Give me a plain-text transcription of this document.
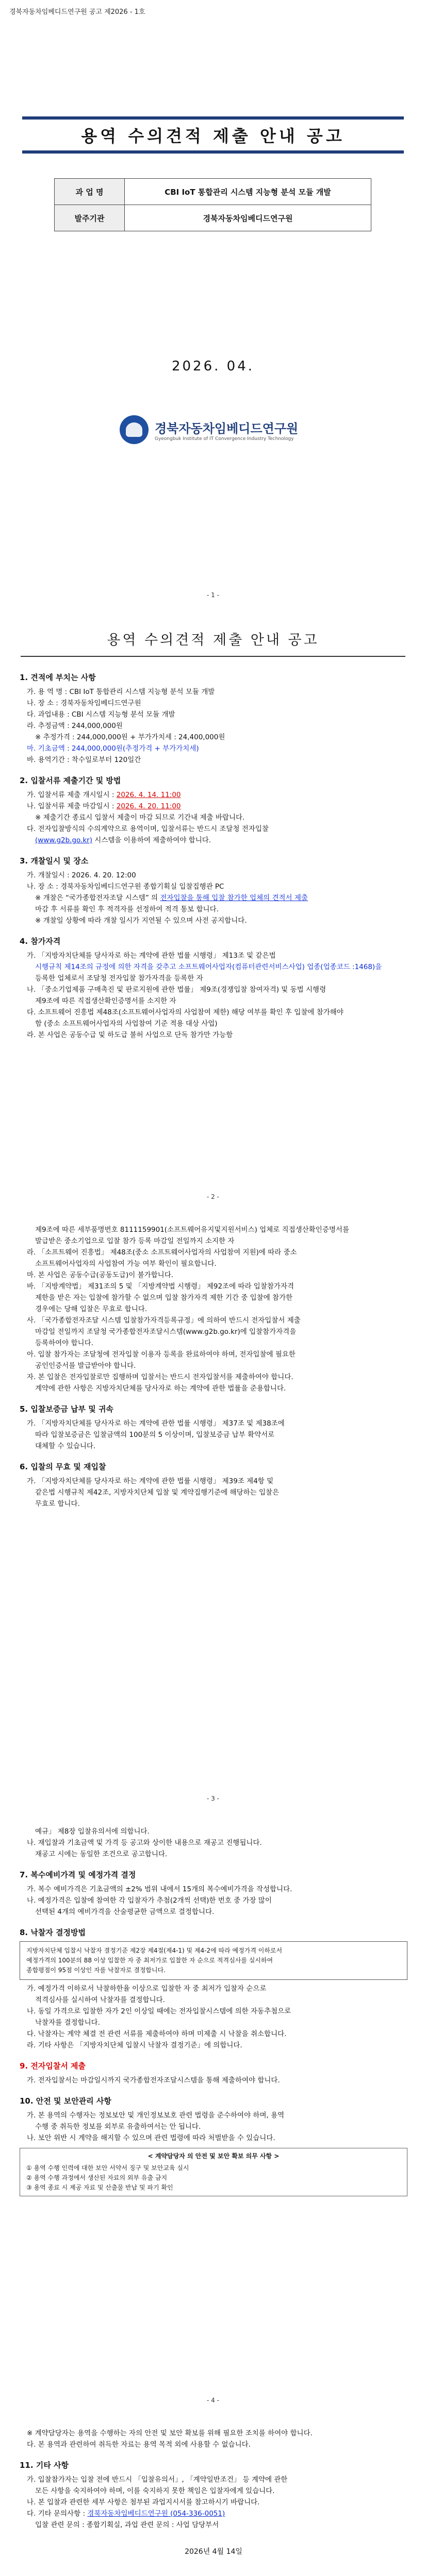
경북자동차임베디드연구원 공고 제2026 - 1호
용역 수의견적 제출 안내 공고
과 업 명	CBI IoT 통합관리 시스템 지능형 분석 모듈 개발
발주기관	경북자동차임베디드연구원
2026. 04.
경북자동차임베디드연구원
Gyeongbuk Institute of IT Convergence Industry Technology
- 1 -
용역 수의견적 제출 안내 공고
1. 견적에 부치는 사항

가. 용 역 명 : CBI IoT 통합관리 시스템 지능형 분석 모듈 개발

나. 장 소 : 경북자동차임베디드연구원

다. 과업내용 : CBI 시스템 지능형 분석 모듈 개발

라. 추정금액 : 244,000,000원

※ 추정가격 : 244,000,000원 + 부가가치세 : 24,400,000원

마. 기초금액 : 244,000,000원(추정가격 + 부가가치세)

바. 용역기간 : 착수일로부터 120일간

2. 입찰서류 제출기간 및 방법

가. 입찰서류 제출 개시일시 : 2026. 4. 14. 11:00

나. 입찰서류 제출 마감일시 : 2026. 4. 20. 11:00

※ 제출기간 종료시 입찰서 제출이 마감 되므로 기간내 제출 바랍니다.

다. 전자입찰방식의 수의계약으로 용역이며, 입찰서류는 반드시 조달청 전자입찰

(www.g2b.go.kr) 시스템을 이용하여 제출하여야 합니다.

3. 개찰일시 및 장소

가. 개찰일시 : 2026. 4. 20. 12:00

나. 장 소 : 경북자동차임베디드연구원 종합기획실 입찰집행관 PC

※ 개찰은 “국가종합전자조달 시스템” 의 전자입찰을 통해 입찰 참가한 업체의 견적서 제출

마감 후 서류를 확인 후 적격자를 선정하여 적격 통보 합니다.

※ 개찰일 상황에 따라 개찰 일시가 지연될 수 있으며 사전 공지합니다.

4. 참가자격

가. 「지방자치단체를 당사자로 하는 계약에 관한 법률 시행령」 제13조 및 같은법

시행규칙 제14조의 규정에 의한 자격을 갖추고 소프트웨어사업자(컴퓨터관련서비스사업) 업종(업종코드 :1468)을

등록한 업체로서 조달청 전자입찰 참가자격을 등록한 자

나. 「중소기업제품 구매촉진 및 판로지원에 관한 법률」 제9조(경쟁입찰 참여자격) 및 동법 시행령

제9조에 따른 직접생산확인증명서를 소지한 자

다. 소프트웨어 진흥법 제48조(소프트웨어사업자의 사업참여 제한) 해당 여부를 확인 후 입찰에 참가해야

함 (중소 소프트웨어사업자의 사업참여 기준 적용 대상 사업)

라. 본 사업은 공동수급 및 하도급 불허 사업으로 단독 참가만 가능함

- 2 -

제9조에 따른 세부품명번호 8111159901(소프트웨어유지및지원서비스) 업체로 직접생산확인증명서를

발급받은 중소기업으로 입찰 참가 등록 마감일 전일까지 소지한 자

라. 「소프트웨어 진흥법」 제48조(중소 소프트웨어사업자의 사업참여 지원)에 따라 중소

소프트웨어사업자의 사업참여 가능 여부 확인이 필요합니다.

마. 본 사업은 공동수급(공동도급)이 불가합니다.

바. 「지방계약법」 제31조의 5 및 「지방계약법 시행령」 제92조에 따라 입찰참가자격

제한을 받은 자는 입찰에 참가할 수 없으며 입찰 참가자격 제한 기간 중 입찰에 참가한

경우에는 당해 입찰은 무효로 합니다.

사. 「국가종합전자조달 시스템 입찰참가자격등록규정」에 의하여 반드시 전자입찰서 제출

마감일 전일까지 조달청 국가종합전자조달시스템(www.g2b.go.kr)에 입찰참가자격을

등록하여야 합니다.

아. 입찰 참가자는 조달청에 전자입찰 이용자 등록을 완료하여야 하며, 전자입찰에 필요한

공인인증서를 발급받아야 합니다.

자. 본 입찰은 전자입찰로만 집행하며 입찰서는 반드시 전자입찰서를 제출하여야 합니다.

계약에 관한 사항은 지방자치단체를 당사자로 하는 계약에 관한 법률을 준용합니다.

5. 입찰보증금 납부 및 귀속

가. 「지방자치단체를 당사자로 하는 계약에 관한 법률 시행령」 제37조 및 제38조에

따라 입찰보증금은 입찰금액의 100분의 5 이상이며, 입찰보증금 납부 확약서로

대체할 수 있습니다.

6. 입찰의 무효 및 재입찰

가. 「지방자치단체를 당사자로 하는 계약에 관한 법률 시행령」 제39조 제4항 및

같은법 시행규칙 제42조, 지방자치단체 입찰 및 계약집행기준에 해당하는 입찰은

무효로 합니다.

- 3 -

예규」 제8장 입찰유의서에 의합니다.

나. 재입찰과 기초금액 및 가격 등 공고와 상이한 내용으로 재공고 진행됩니다.

재공고 시에는 동일한 조건으로 공고합니다.

7. 복수예비가격 및 예정가격 결정

가. 복수 예비가격은 기초금액의 ±2% 범위 내에서 15개의 복수예비가격을 작성합니다.

나. 예정가격은 입찰에 참여한 각 입찰자가 추첨(2개씩 선택)한 번호 중 가장 많이

선택된 4개의 예비가격을 산술평균한 금액으로 결정합니다.

8. 낙찰자 결정방법

지방자치단체 입찰시 낙찰자 결정기준 제2장 제4절(제4-1) 및 제4-2에 따라 예정가격 이하로서

예정가격의 100분의 88 이상 입찰한 자 중 최저가로 입찰한 자 순으로 적격심사를 실시하여

종합평점이 95점 이상인 자를 낙찰자로 결정합니다.

가. 예정가격 이하로서 낙찰하한율 이상으로 입찰한 자 중 최저가 입찰자 순으로

적격심사를 실시하여 낙찰자를 결정합니다.

나. 동일 가격으로 입찰한 자가 2인 이상일 때에는 전자입찰시스템에 의한 자동추첨으로

낙찰자를 결정합니다.

다. 낙찰자는 계약 체결 전 관련 서류를 제출하여야 하며 미제출 시 낙찰을 취소합니다.

라. 기타 사항은 「지방자치단체 입찰시 낙찰자 결정기준」에 의합니다.

9. 전자입찰서 제출

가. 전자입찰서는 마감일시까지 국가종합전자조달시스템을 통해 제출하여야 합니다.

10. 안전 및 보안관리 사항

가. 본 용역의 수행자는 정보보안 및 개인정보보호 관련 법령을 준수하여야 하며, 용역

수행 중 취득한 정보를 외부로 유출하여서는 안 됩니다.

나. 보안 위반 시 계약을 해지할 수 있으며 관련 법령에 따라 처벌받을 수 있습니다.

< 계약담당자 의 안전 및 보안 확보 의무 사항 >

① 용역 수행 인력에 대한 보안 서약서 징구 및 보안교육 실시

② 용역 수행 과정에서 생산된 자료의 외부 유출 금지

③ 용역 종료 시 제공 자료 및 산출물 반납 및 파기 확인

- 4 -

※ 계약담당자는 용역을 수행하는 자의 안전 및 보안 확보를 위해 필요한 조치를 하여야 합니다.

다. 본 용역과 관련하여 취득한 자료는 용역 목적 외에 사용할 수 없습니다.

11. 기타 사항

가. 입찰참가자는 입찰 전에 반드시 「입찰유의서」, 「계약일반조건」 등 계약에 관한

모든 사항을 숙지하여야 하며, 이를 숙지하지 못한 책임은 입찰자에게 있습니다.

나. 본 입찰과 관련한 세부 사항은 첨부된 과업지시서를 참고하시기 바랍니다.

다. 기타 문의사항 : 경북자동차임베디드연구원 (054-336-0051)

입찰 관련 문의 : 종합기획실, 과업 관련 문의 : 사업 담당부서

2026년 4월 14일
